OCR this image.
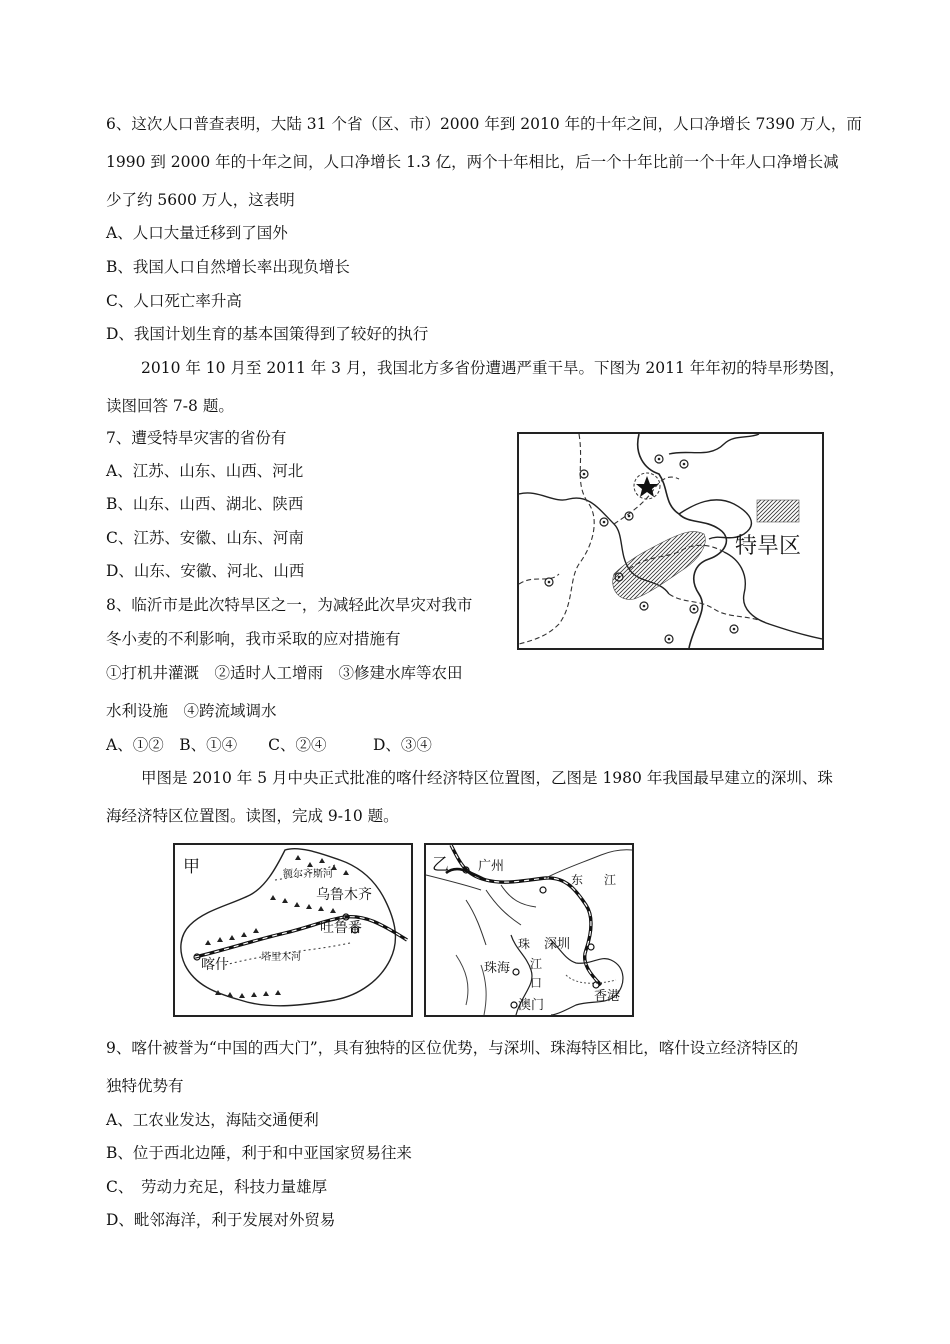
6、这次人口普查表明，大陆 31 个省（区、市）2000 年到 2010 年的十年之间，人口净增长 7390 万人，而
1990 到 2000 年的十年之间，人口净增长 1.3 亿，两个十年相比，后一个十年比前一个十年人口净增长减
少了约 5600 万人，这表明
A、人口大量迁移到了国外
B、我国人口自然增长率出现负增长
C、人口死亡率升高
D、我国计划生育的基本国策得到了较好的执行
2010 年 10 月至 2011 年 3 月，我国北方多省份遭遇严重干旱。下图为 2011 年年初的特旱形势图，
读图回答 7-8 题。
7、遭受特旱灾害的省份有
A、江苏、山东、山西、河北
B、山东、山西、湖北、陕西
C、江苏、安徽、山东、河南
D、山东、安徽、河北、山西
8、临沂市是此次特旱区之一，为减轻此次旱灾对我市
冬小麦的不利影响，我市采取的应对措施有
①打机井灌溉　②适时人工增雨　③修建水库等农田
水利设施　④跨流域调水
A、①②　B、①④　　C、②④　　　D、③④
特旱区
甲图是 2010 年 5 月中央正式批准的喀什经济特区位置图，乙图是 1980 年我国最早建立的深圳、珠
海经济特区位置图。读图，完成 9-10 题。
甲	额尔齐斯河
乌鲁木齐
吐鲁番
喀什	塔里木河
乙 广州
东 江
珠 深圳
江
珠海
口
澳门
香港
9、喀什被誉为“中国的西大门”，具有独特的区位优势，与深圳、珠海特区相比，喀什设立经济特区的
独特优势有
A、工农业发达，海陆交通便利
B、位于西北边陲，利于和中亚国家贸易往来
C、　劳动力充足，科技力量雄厚
D、毗邻海洋，利于发展对外贸易
